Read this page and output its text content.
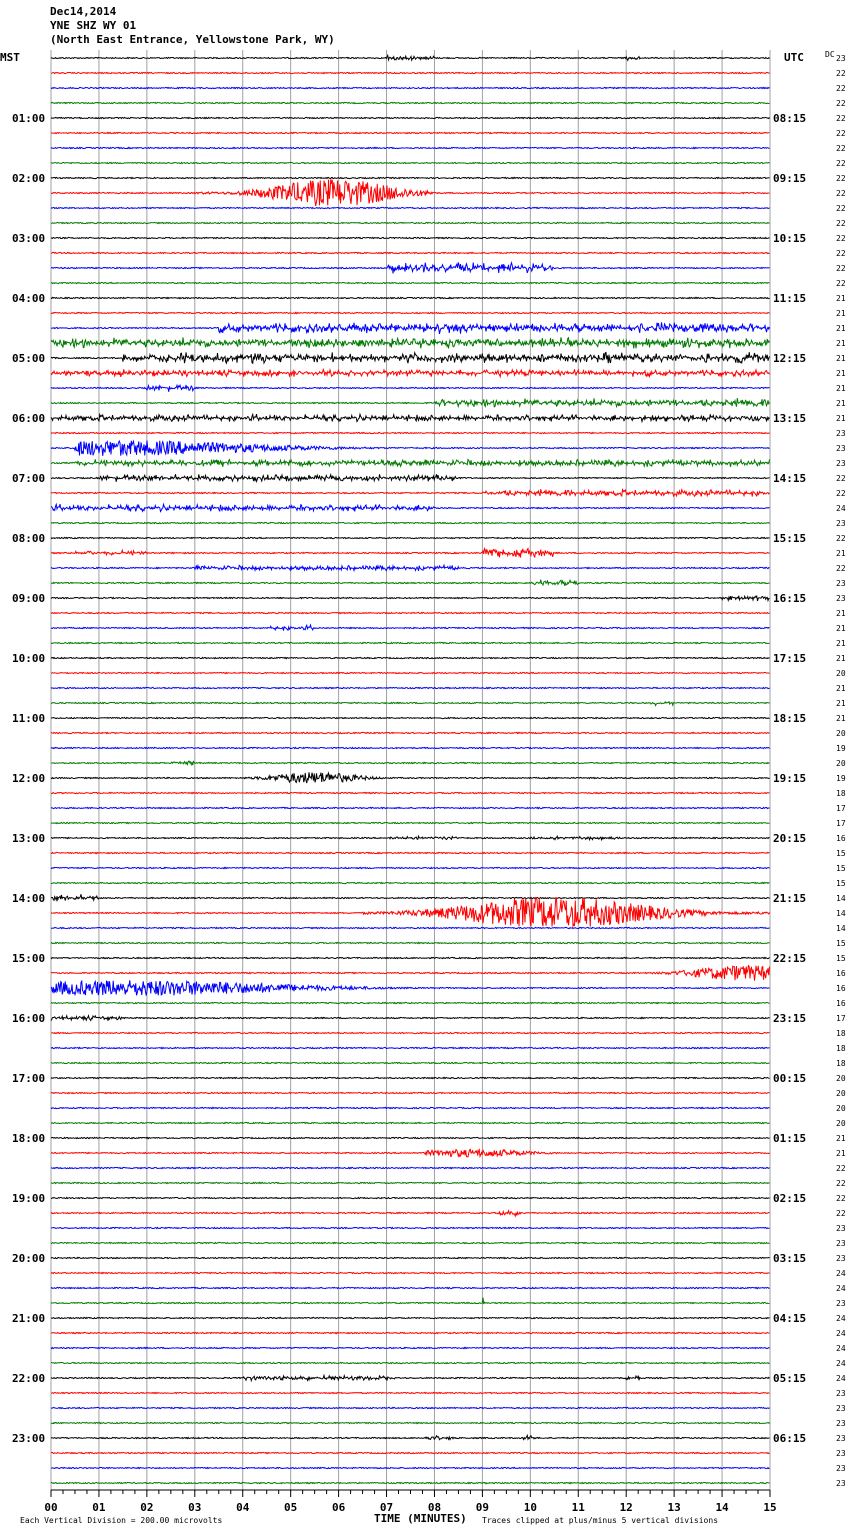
Dec14,2014
YNE SHZ WY 01
(North East Entrance, Yellowstone Park, WY)
01:00
02:00
03:00
04:00
05:00
06:00
07:00
08:00
09:00
10:00
11:00
12:00
13:00
14:00
15:00
16:00
17:00
18:00
19:00
20:00
21:00
22:00
23:00
08:15
09:15
10:15
11:15
12:15
13:15
14:15
15:15
16:15
17:15
18:15
19:15
20:15
21:15
22:15
23:15
00:15
01:15
02:15
03:15
04:15
05:15
06:15
23
22
22
22
22
22
22
22
22
22
22
22
22
22
22
22
21
21
21
21
21
21
21
21
21
23
23
23
22
22
24
23
22
21
22
23
23
21
21
21
21
20
21
21
21
20
19
20
19
18
17
17
16
15
15
15
14
14
14
15
15
16
16
16
17
18
18
18
20
20
20
20
21
21
22
22
22
22
23
23
23
24
24
23
24
24
24
24
24
23
23
23
23
23
23
23
00	01	02	03	04	05	06	07	08	09	10	11	12	13	14	15
MST	UTC	DC
TIME (MINUTES)
Each Vertical Division = 200.00 microvolts	Traces clipped at plus/minus 5 vertical divisions
